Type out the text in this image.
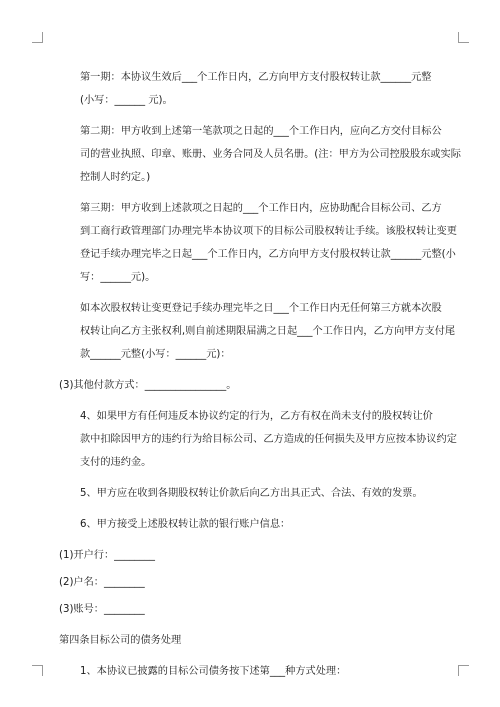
第一期：本协议生效后___个工作日内，乙方向甲方支付股权转让款______元整
(小写：______ 元)。
第二期：甲方收到上述第一笔款项之日起的___个工作日内，应向乙方交付目标公
司的营业执照、印章、账册、业务合同及人员名册。(注：甲方为公司控股股东或实际
控制人时约定。)
第三期：甲方收到上述款项之日起的___个工作日内，应协助配合目标公司、乙方
到工商行政管理部门办理完毕本协议项下的目标公司股权转让手续。该股权转让变更
登记手续办理完毕之日起___个工作日内，乙方向甲方支付股权转让款______元整(小
写：______元)。
如本次股权转让变更登记手续办理完毕之日___个工作日内无任何第三方就本次股
权转让向乙方主张权利,则自前述期限届满之日起___个工作日内，乙方向甲方支付尾
款______元整(小写：______元)：
(3)其他付款方式：________________。
4、如果甲方有任何违反本协议约定的行为，乙方有权在尚未支付的股权转让价
款中扣除因甲方的违约行为给目标公司、乙方造成的任何损失及甲方应按本协议约定
支付的违约金。
5、甲方应在收到各期股权转让价款后向乙方出具正式、合法、有效的发票。
6、甲方接受上述股权转让款的银行账户信息：
(1)开户行：________
(2)户名：________
(3)账号：________
第四条目标公司的债务处理
1、本协议已披露的目标公司债务按下述第___种方式处理：
